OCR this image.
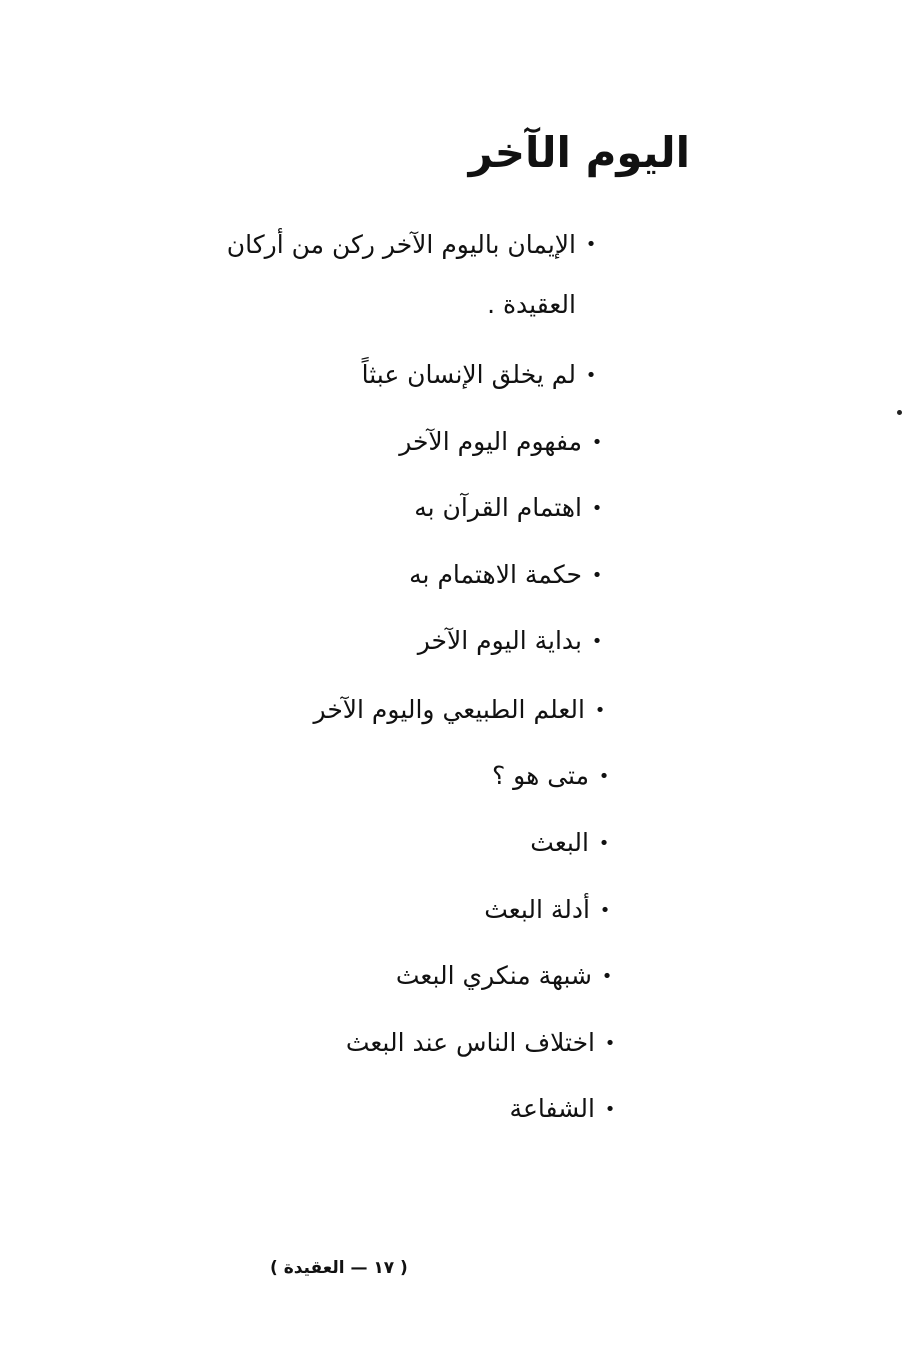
اليوم الآخر
•الإيمان باليوم الآخر ركن من أركان العقيدة .
•لم يخلق الإنسان عبثاً
•مفهوم اليوم الآخر
•اهتمام القرآن به
•حكمة الاهتمام به
•بداية اليوم الآخر
•العلم الطبيعي واليوم الآخر
•متى هو ؟
•البعث
•أدلة البعث
•شبهة منكري البعث
•اختلاف الناس عند البعث
•الشفاعة
( ١٧ — العقيدة )
